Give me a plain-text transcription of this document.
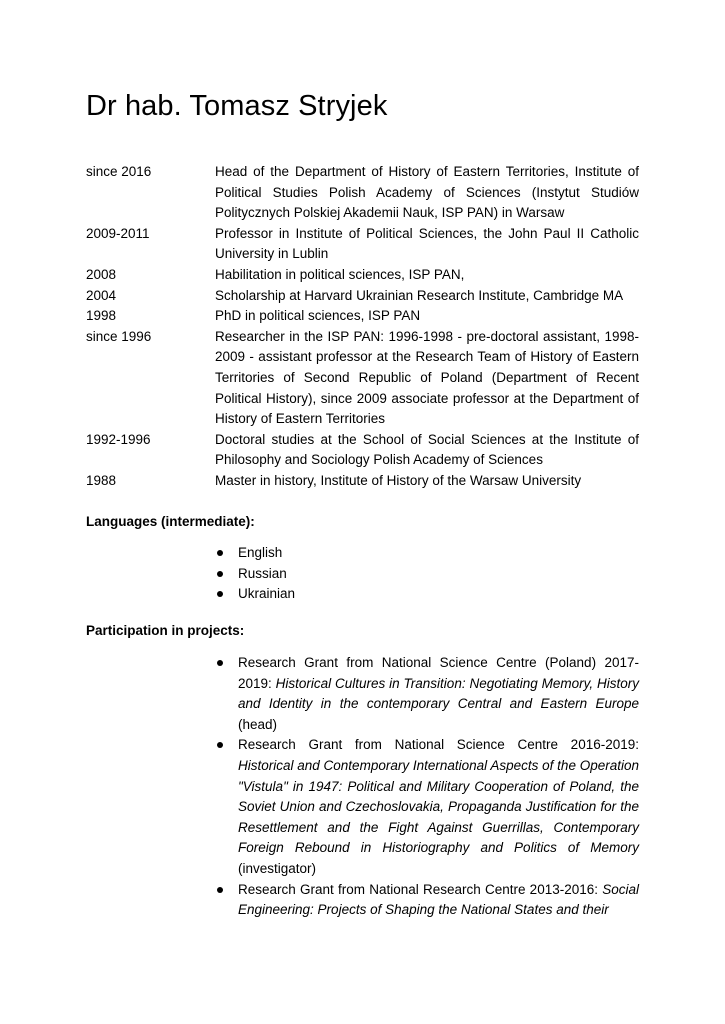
Dr hab. Tomasz Stryjek
since 2016	Head of the Department of History of Eastern Territories, Institute of Political Studies Polish Academy of Sciences (Instytut Studiów Politycznych Polskiej Akademii Nauk, ISP PAN) in Warsaw
2009-2011	Professor in Institute of Political Sciences, the John Paul II Catholic University in Lublin
2008	Habilitation in political sciences, ISP PAN,
2004	Scholarship at Harvard Ukrainian Research Institute, Cambridge MA
1998	PhD in political sciences, ISP PAN
since 1996	Researcher in the ISP PAN: 1996-1998 - pre-doctoral assistant, 1998-2009 - assistant professor at the Research Team of History of Eastern Territories of Second Republic of Poland (Department of Recent Political History), since 2009 associate professor at the Department of History of Eastern Territories
1992-1996	Doctoral studies at the School of Social Sciences at the Institute of Philosophy and Sociology Polish Academy of Sciences
1988	Master in history, Institute of History of the Warsaw University
Languages (intermediate):
English
Russian
Ukrainian
Participation in projects:
Research Grant from National Science Centre (Poland) 2017-2019: Historical Cultures in Transition: Negotiating Memory, History and Identity in the contemporary Central and Eastern Europe (head)
Research Grant from National Science Centre 2016-2019: Historical and Contemporary International Aspects of the Operation "Vistula" in 1947: Political and Military Cooperation of Poland, the Soviet Union and Czechoslovakia, Propaganda Justification for the Resettlement and the Fight Against Guerrillas, Contemporary Foreign Rebound in Historiography and Politics of Memory (investigator)
Research Grant from National Research Centre 2013-2016: Social Engineering: Projects of Shaping the National States and their
